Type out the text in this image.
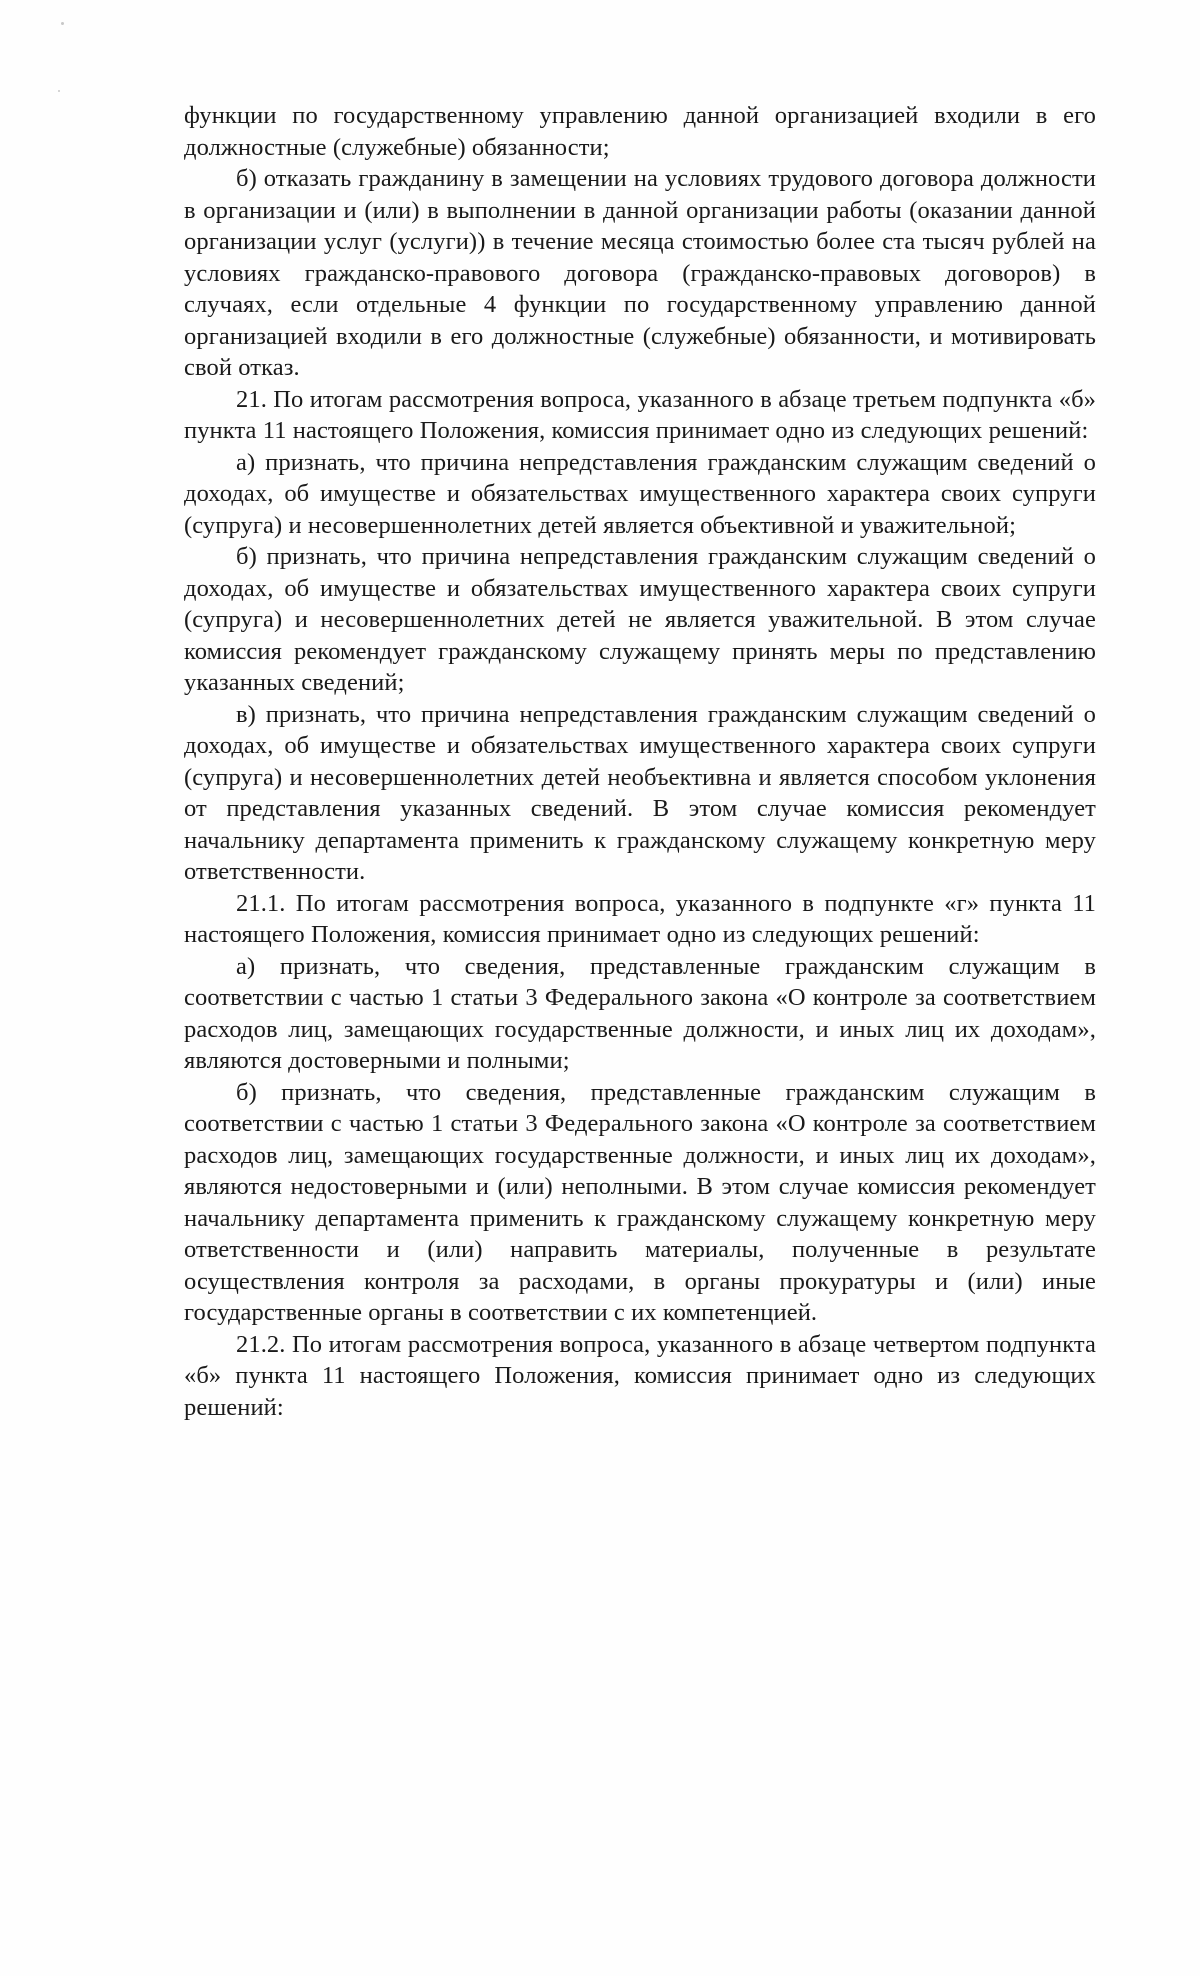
функции по государственному управлению данной организацией входили в его должностные (служебные) обязанности;

б) отказать гражданину в замещении на условиях трудового договора должности в организации и (или) в выполнении в данной организации работы (оказании данной организации услуг (услуги)) в течение месяца стоимостью более ста тысяч рублей на условиях гражданско-правового договора (гражданско-правовых договоров) в случаях, если отдельные 4 функции по государственному управлению данной организацией входили в его должностные (служебные) обязанности, и мотивировать свой отказ.

21. По итогам рассмотрения вопроса, указанного в абзаце третьем подпункта «б» пункта 11 настоящего Положения, комиссия принимает одно из следующих решений:

а) признать, что причина непредставления гражданским служащим сведений о доходах, об имуществе и обязательствах имущественного характера своих супруги (супруга) и несовершеннолетних детей является объективной и уважительной;

б) признать, что причина непредставления гражданским служащим сведений о доходах, об имуществе и обязательствах имущественного характера своих супруги (супруга) и несовершеннолетних детей не является уважительной. В этом случае комиссия рекомендует гражданскому служащему принять меры по представлению указанных сведений;

в) признать, что причина непредставления гражданским служащим сведений о доходах, об имуществе и обязательствах имущественного характера своих супруги (супруга) и несовершеннолетних детей необъективна и является способом уклонения от представления указанных сведений. В этом случае комиссия рекомендует начальнику департамента применить к гражданскому служащему конкретную меру ответственности.

21.1. По итогам рассмотрения вопроса, указанного в подпункте «г» пункта 11 настоящего Положения, комиссия принимает одно из следующих решений:

а) признать, что сведения, представленные гражданским служащим в соответствии с частью 1 статьи 3 Федерального закона «О контроле за соответствием расходов лиц, замещающих государственные должности, и иных лиц их доходам», являются достоверными и полными;

б) признать, что сведения, представленные гражданским служащим в соответствии с частью 1 статьи 3 Федерального закона «О контроле за соответствием расходов лиц, замещающих государственные должности, и иных лиц их доходам», являются недостоверными и (или) неполными. В этом случае комиссия рекомендует начальнику департамента применить к гражданскому служащему конкретную меру ответственности и (или) направить материалы, полученные в результате осуществления контроля за расходами, в органы прокуратуры и (или) иные государственные органы в соответствии с их компетенцией.

21.2. По итогам рассмотрения вопроса, указанного в абзаце четвертом подпункта «б» пункта 11 настоящего Положения, комиссия принимает одно из следующих решений:
